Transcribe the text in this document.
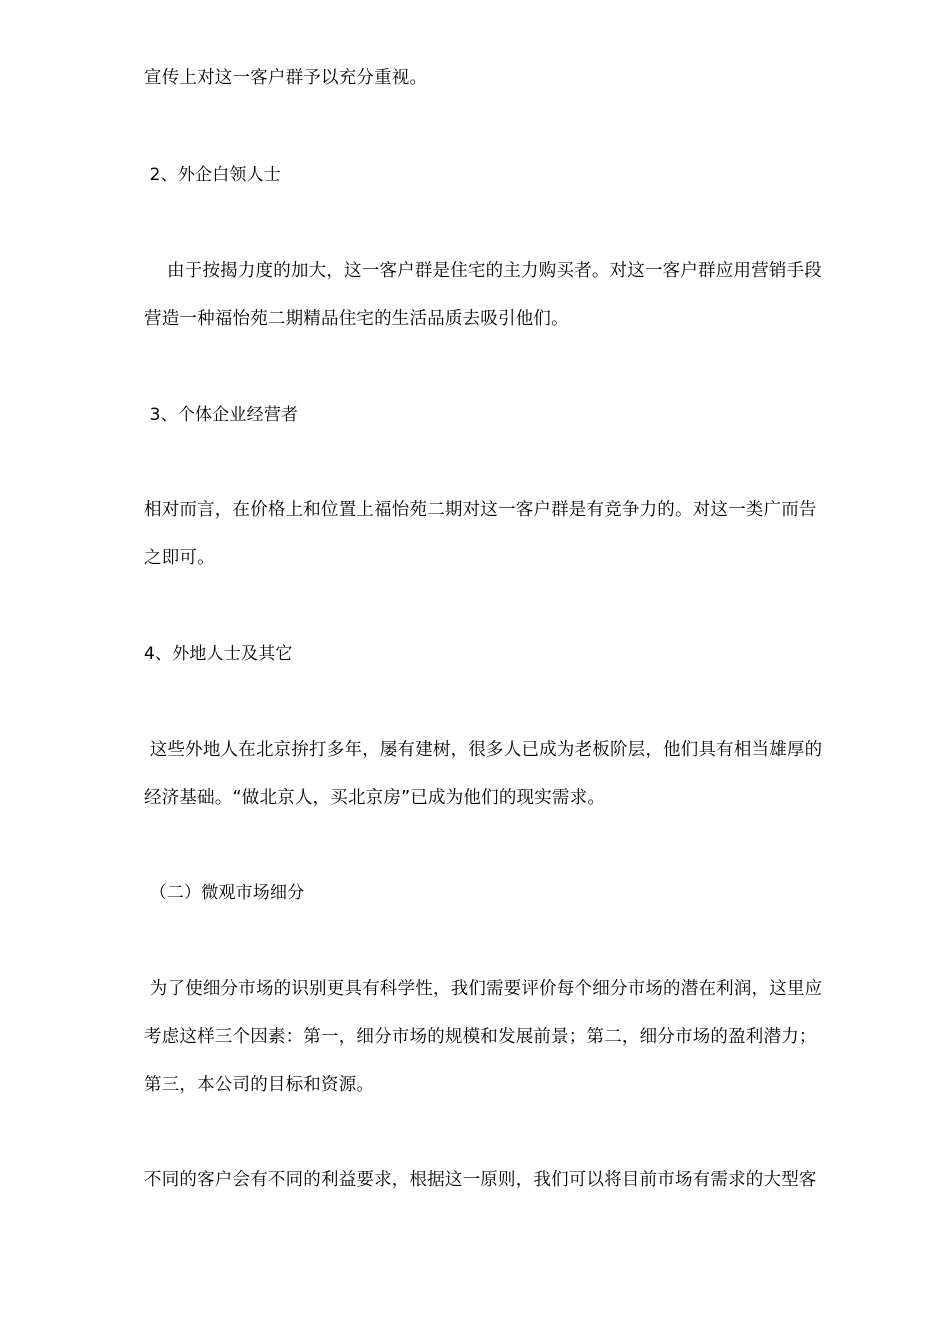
宣传上对这一客户群予以充分重视。
2、外企白领人士
由于按揭力度的加大，这一客户群是住宅的主力购买者。对这一客户群应用营销手段
营造一种福怡苑二期精品住宅的生活品质去吸引他们。
3、个体企业经营者
相对而言，在价格上和位置上福怡苑二期对这一客户群是有竞争力的。对这一类广而告
之即可。
4、外地人士及其它
这些外地人在北京拚打多年，屡有建树，很多人已成为老板阶层，他们具有相当雄厚的
经济基础。“做北京人，买北京房”已成为他们的现实需求。
（二）微观市场细分
为了使细分市场的识别更具有科学性，我们需要评价每个细分市场的潜在利润，这里应
考虑这样三个因素：第一，细分市场的规模和发展前景；第二，细分市场的盈利潜力；
第三，本公司的目标和资源。
不同的客户会有不同的利益要求，根据这一原则，我们可以将目前市场有需求的大型客
